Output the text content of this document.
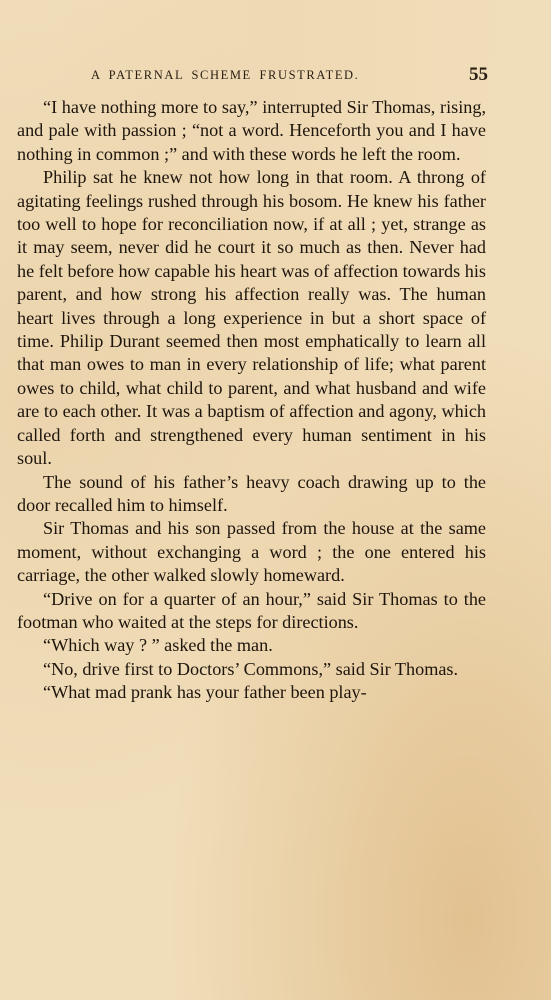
A PATERNAL SCHEME FRUSTRATED.	55

“I have nothing more to say,” interrupted Sir Thomas, rising, and pale with passion ; “not a word. Henceforth you and I have nothing in common ;” and with these words he left the room.

Philip sat he knew not how long in that room. A throng of agitating feelings rushed through his bosom. He knew his father too well to hope for reconciliation now, if at all ; yet, strange as it may seem, never did he court it so much as then. Never had he felt before how capable his heart was of affection towards his parent, and how strong his affection really was. The human heart lives through a long experience in but a short space of time. Philip Durant seemed then most emphatically to learn all that man owes to man in every relationship of life; what parent owes to child, what child to parent, and what husband and wife are to each other. It was a baptism of affection and agony, which called forth and strengthened every human sentiment in his soul.

The sound of his father’s heavy coach drawing up to the door recalled him to himself.

Sir Thomas and his son passed from the house at the same moment, without exchanging a word ; the one entered his carriage, the other walked slowly homeward.

“Drive on for a quarter of an hour,” said Sir Thomas to the footman who waited at the steps for directions.

“Which way ? ” asked the man.

“No, drive first to Doctors’ Commons,” said Sir Thomas.

“What mad prank has your father been play-
